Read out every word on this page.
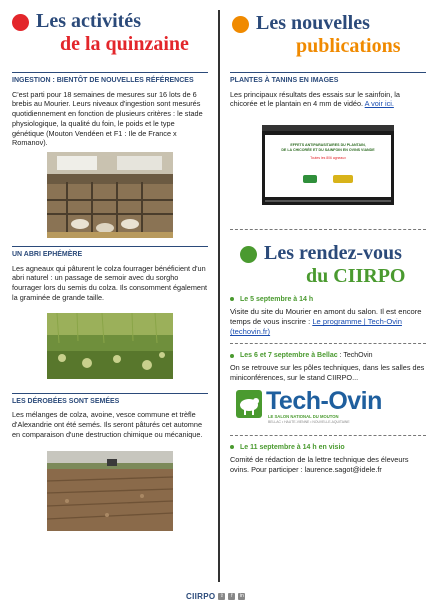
Les activités
de la quinzaine
INGESTION : BIENTÔT DE NOUVELLES RÉFÉRENCES

C'est parti pour 18 semaines de mesures sur 16 lots de 6 brebis au Mourier. Leurs niveaux d'ingestion sont mesurés quotidiennement en fonction de plusieurs critères : le stade physiologique, la qualité du foin, le poids et le type génétique (Mouton Vendéen et F1 : Ile de France x Romanov).

UN ABRI EPHÉMÈRE

Les agneaux qui pâturent le colza fourrager bénéficient d'un abri naturel : un passage de semoir avec du sorgho fourrager lors du semis du colza. Ils consomment également la graminée de grande taille.

LES DÉROBÉES SONT SEMÉES

Les mélanges de colza, avoine, vesce commune et trèfle d'Alexandrie ont été semés. Ils seront pâturés cet automne en comparaison d'une destruction chimique ou mécanique.

Les nouvelles
publications
PLANTES À TANINS EN IMAGES

Les principaux résultats des essais sur le sainfoin, la chicorée et le plantain en 4 mm de vidéo. A voir ici.

EFFETS ANTIPARASITAIRES DU PLANTAIN,
DE LA CHICORÉE ET DU SAINFOIN EN OVINS VIANDE
Toutes les 806 agneaux
Les rendez-vous
du CIIRPO
Le 5 septembre à 14 h

Visite du site du Mourier en amont du salon. Il est encore temps de vous inscrire : Le programme | Tech-Ovin (techovin.fr)

Les 6 et 7 septembre à Bellac : TechOvin

On se retrouve sur les pôles techniques, dans les salles des miniconférences, sur le stand CIIRPO...

Tech-Ovin
LE SALON NATIONAL DU MOUTON
BELLAC • HAUTE-VIENNE • NOUVELLE-AQUITAINE
Le 11 septembre à 14 h en visio

Comité de rédaction de la lettre technique des éleveurs ovins. Pour participer : laurence.sagot@idele.fr

CIIRPO ⇪	f	in
